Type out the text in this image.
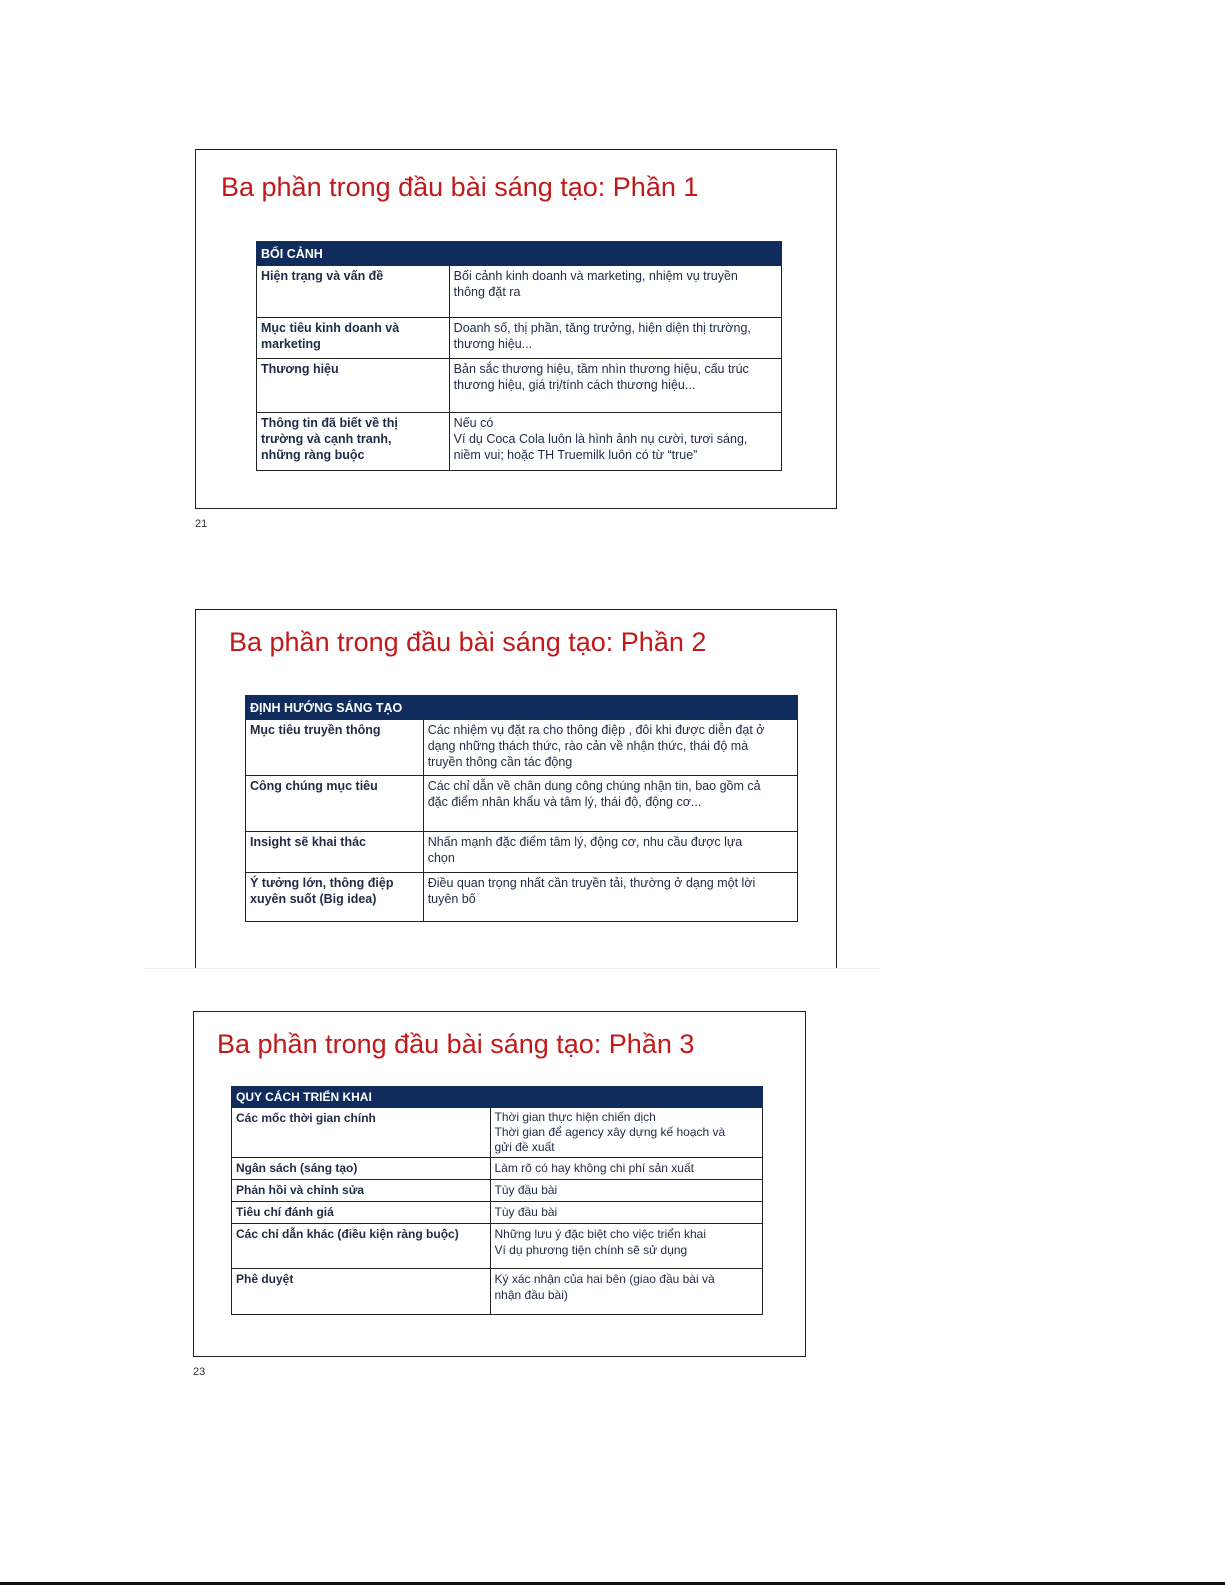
Ba phần trong đầu bài sáng tạo: Phần 1
BỐI CẢNH	
Hiện trạng và vấn đề	Bối cảnh kinh doanh và marketing, nhiệm vụ truyền
thông đặt ra
Mục tiêu kinh doanh và
marketing	Doanh số, thị phần, tăng trưởng, hiện diện thị trường,
thương hiệu...
Thương hiệu	Bản sắc thương hiệu, tầm nhìn thương hiệu, cấu trúc
thương hiệu, giá trị/tính cách thương hiệu...
Thông tin đã biết về thị
trường và cạnh tranh,
những ràng buộc	Nếu có
Ví dụ Coca Cola luôn là hình ảnh nụ cười, tươi sáng,
niềm vui; hoặc TH Truemilk luôn có từ “true”
21
Ba phần trong đầu bài sáng tạo: Phần 2
ĐỊNH HƯỚNG SÁNG TẠO	
Mục tiêu truyền thông	Các nhiệm vụ đặt ra cho thông điệp , đôi khi được diễn đạt ở
dạng những thách thức, rào cản về nhận thức, thái độ mà
truyền thông cần tác động
Công chúng mục tiêu	Các chỉ dẫn về chân dung công chúng nhận tin, bao gồm cả
đặc điểm nhân khẩu và tâm lý, thái độ, động cơ...
Insight sẽ khai thác	Nhấn mạnh đặc điểm tâm lý, động cơ, nhu cầu được lựa
chọn
Ý tưởng lớn, thông điệp
xuyên suốt (Big idea)	Điều quan trọng nhất cần truyền tải, thường ở dạng một lời
tuyên bố
Ba phần trong đầu bài sáng tạo: Phần 3
QUY CÁCH TRIỂN KHAI	
Các mốc thời gian chính	Thời gian thực hiện chiến dịch
Thời gian để agency xây dựng kế hoạch và
gửi đề xuất
Ngân sách (sáng tạo)	Làm rõ có hay không chi phí sản xuất
Phản hồi và chỉnh sửa	Tùy đầu bài
Tiêu chí đánh giá	Tùy đầu bài
Các chỉ dẫn khác (điều kiện ràng buộc)	Những lưu ý đặc biệt cho việc triển khai
Ví dụ phương tiện chính sẽ sử dụng
Phê duyệt	Ký xác nhận của hai bên (giao đầu bài và
nhận đầu bài)
23
